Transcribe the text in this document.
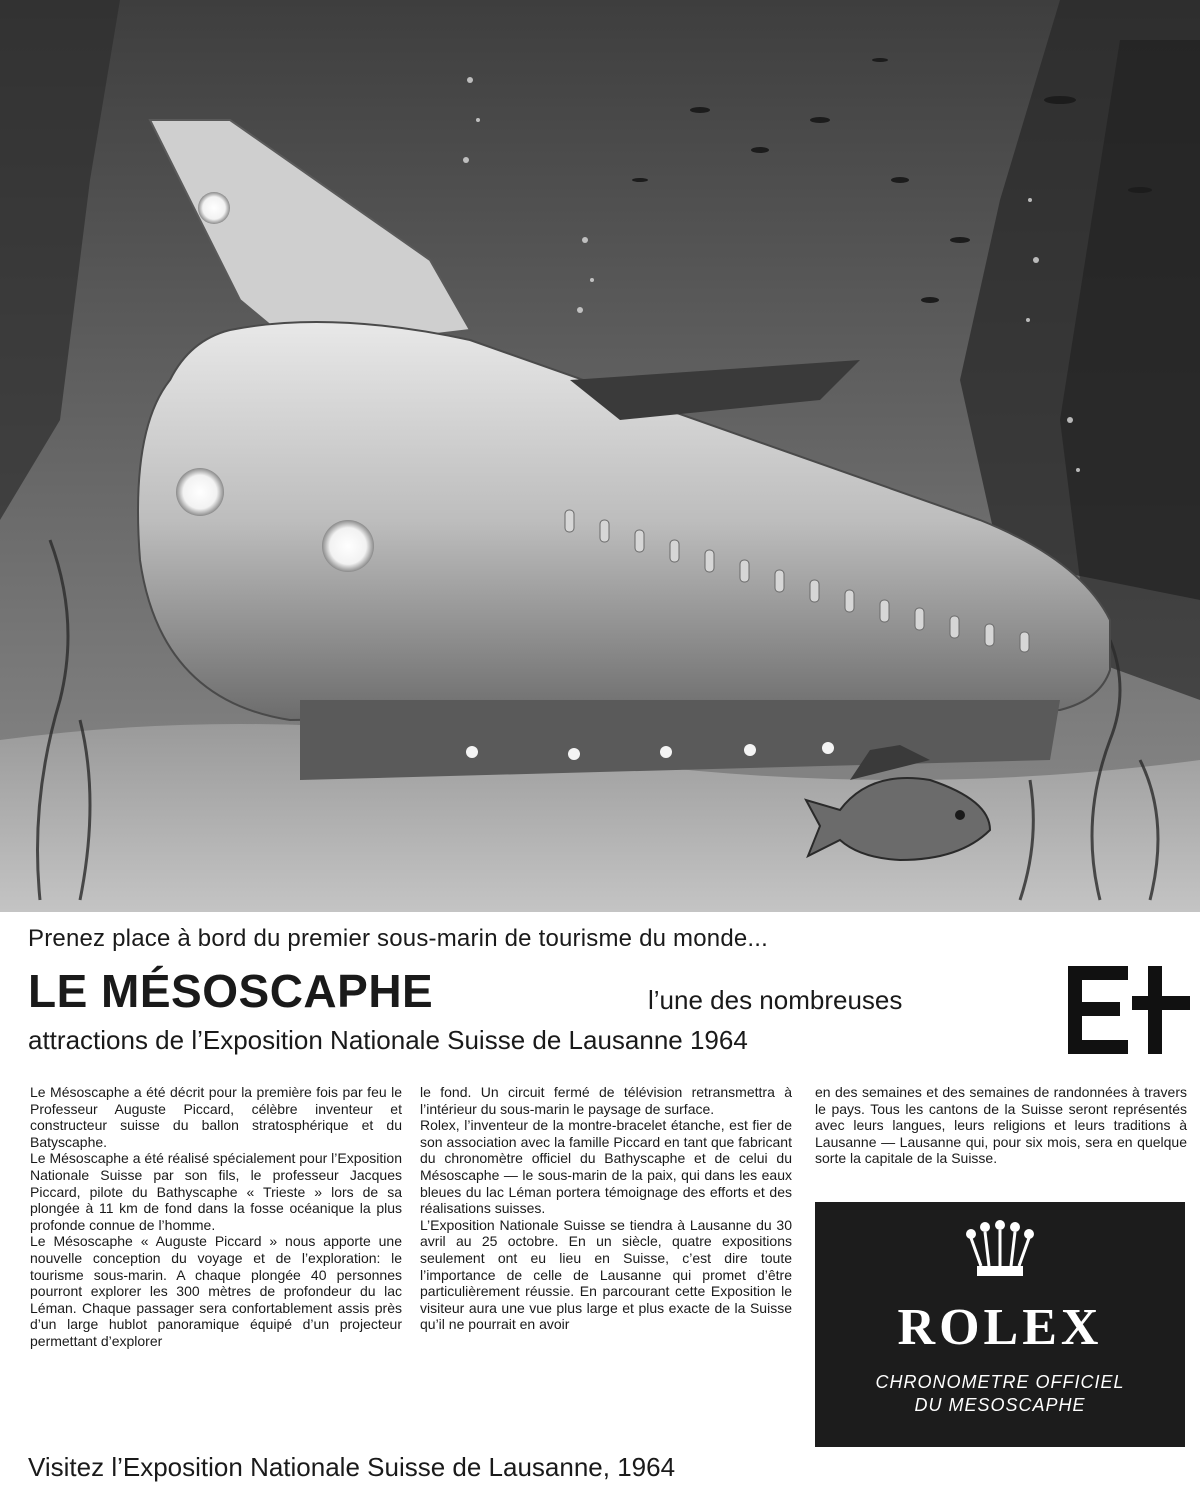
Prenez place à bord du premier sous-marin de tourisme du monde...
LE MÉSOSCAPHE	l’une des nombreuses
attractions de l’Exposition Nationale Suisse de Lausanne 1964

Le Mésoscaphe a été décrit pour la première fois par feu le Professeur Auguste Piccard, célèbre inventeur et constructeur suisse du ballon stratosphérique et du Batyscaphe.

Le Mésoscaphe a été réalisé spécialement pour l’Exposition Nationale Suisse par son fils, le professeur Jacques Piccard, pilote du Bathyscaphe « Trieste » lors de sa plongée à 11 km de fond dans la fosse océanique la plus profonde connue de l’homme.

Le Mésoscaphe « Auguste Piccard » nous apporte une nouvelle conception du voyage et de l’exploration: le tourisme sous-marin. A chaque plongée 40 personnes pourront explorer les 300 mètres de profondeur du lac Léman. Chaque passager sera confortablement assis près d’un large hublot panoramique équipé d’un projecteur permettant d’explorer

le fond. Un circuit fermé de télévision retransmettra à l’intérieur du sous-marin le paysage de surface.

Rolex, l’inventeur de la montre-bracelet étanche, est fier de son association avec la famille Piccard en tant que fabricant du chronomètre officiel du Bathyscaphe et de celui du Mésoscaphe — le sous-marin de la paix, qui dans les eaux bleues du lac Léman portera témoignage des efforts et des réalisations suisses.

L’Exposition Nationale Suisse se tiendra à Lausanne du 30 avril au 25 octobre. En un siècle, quatre expositions seulement ont eu lieu en Suisse, c’est dire toute l’importance de celle de Lausanne qui promet d’être particulièrement réussie. En parcourant cette Exposition le visiteur aura une vue plus large et plus exacte de la Suisse qu’il ne pourrait en avoir

en des semaines et des semaines de randonnées à travers le pays. Tous les cantons de la Suisse seront représentés avec leurs langues, leurs religions et leurs traditions à Lausanne — Lausanne qui, pour six mois, sera en quelque sorte la capitale de la Suisse.

ROLEX
CHRONOMETRE OFFICIEL
DU MESOSCAPHE
Visitez l’Exposition Nationale Suisse de Lausanne, 1964
